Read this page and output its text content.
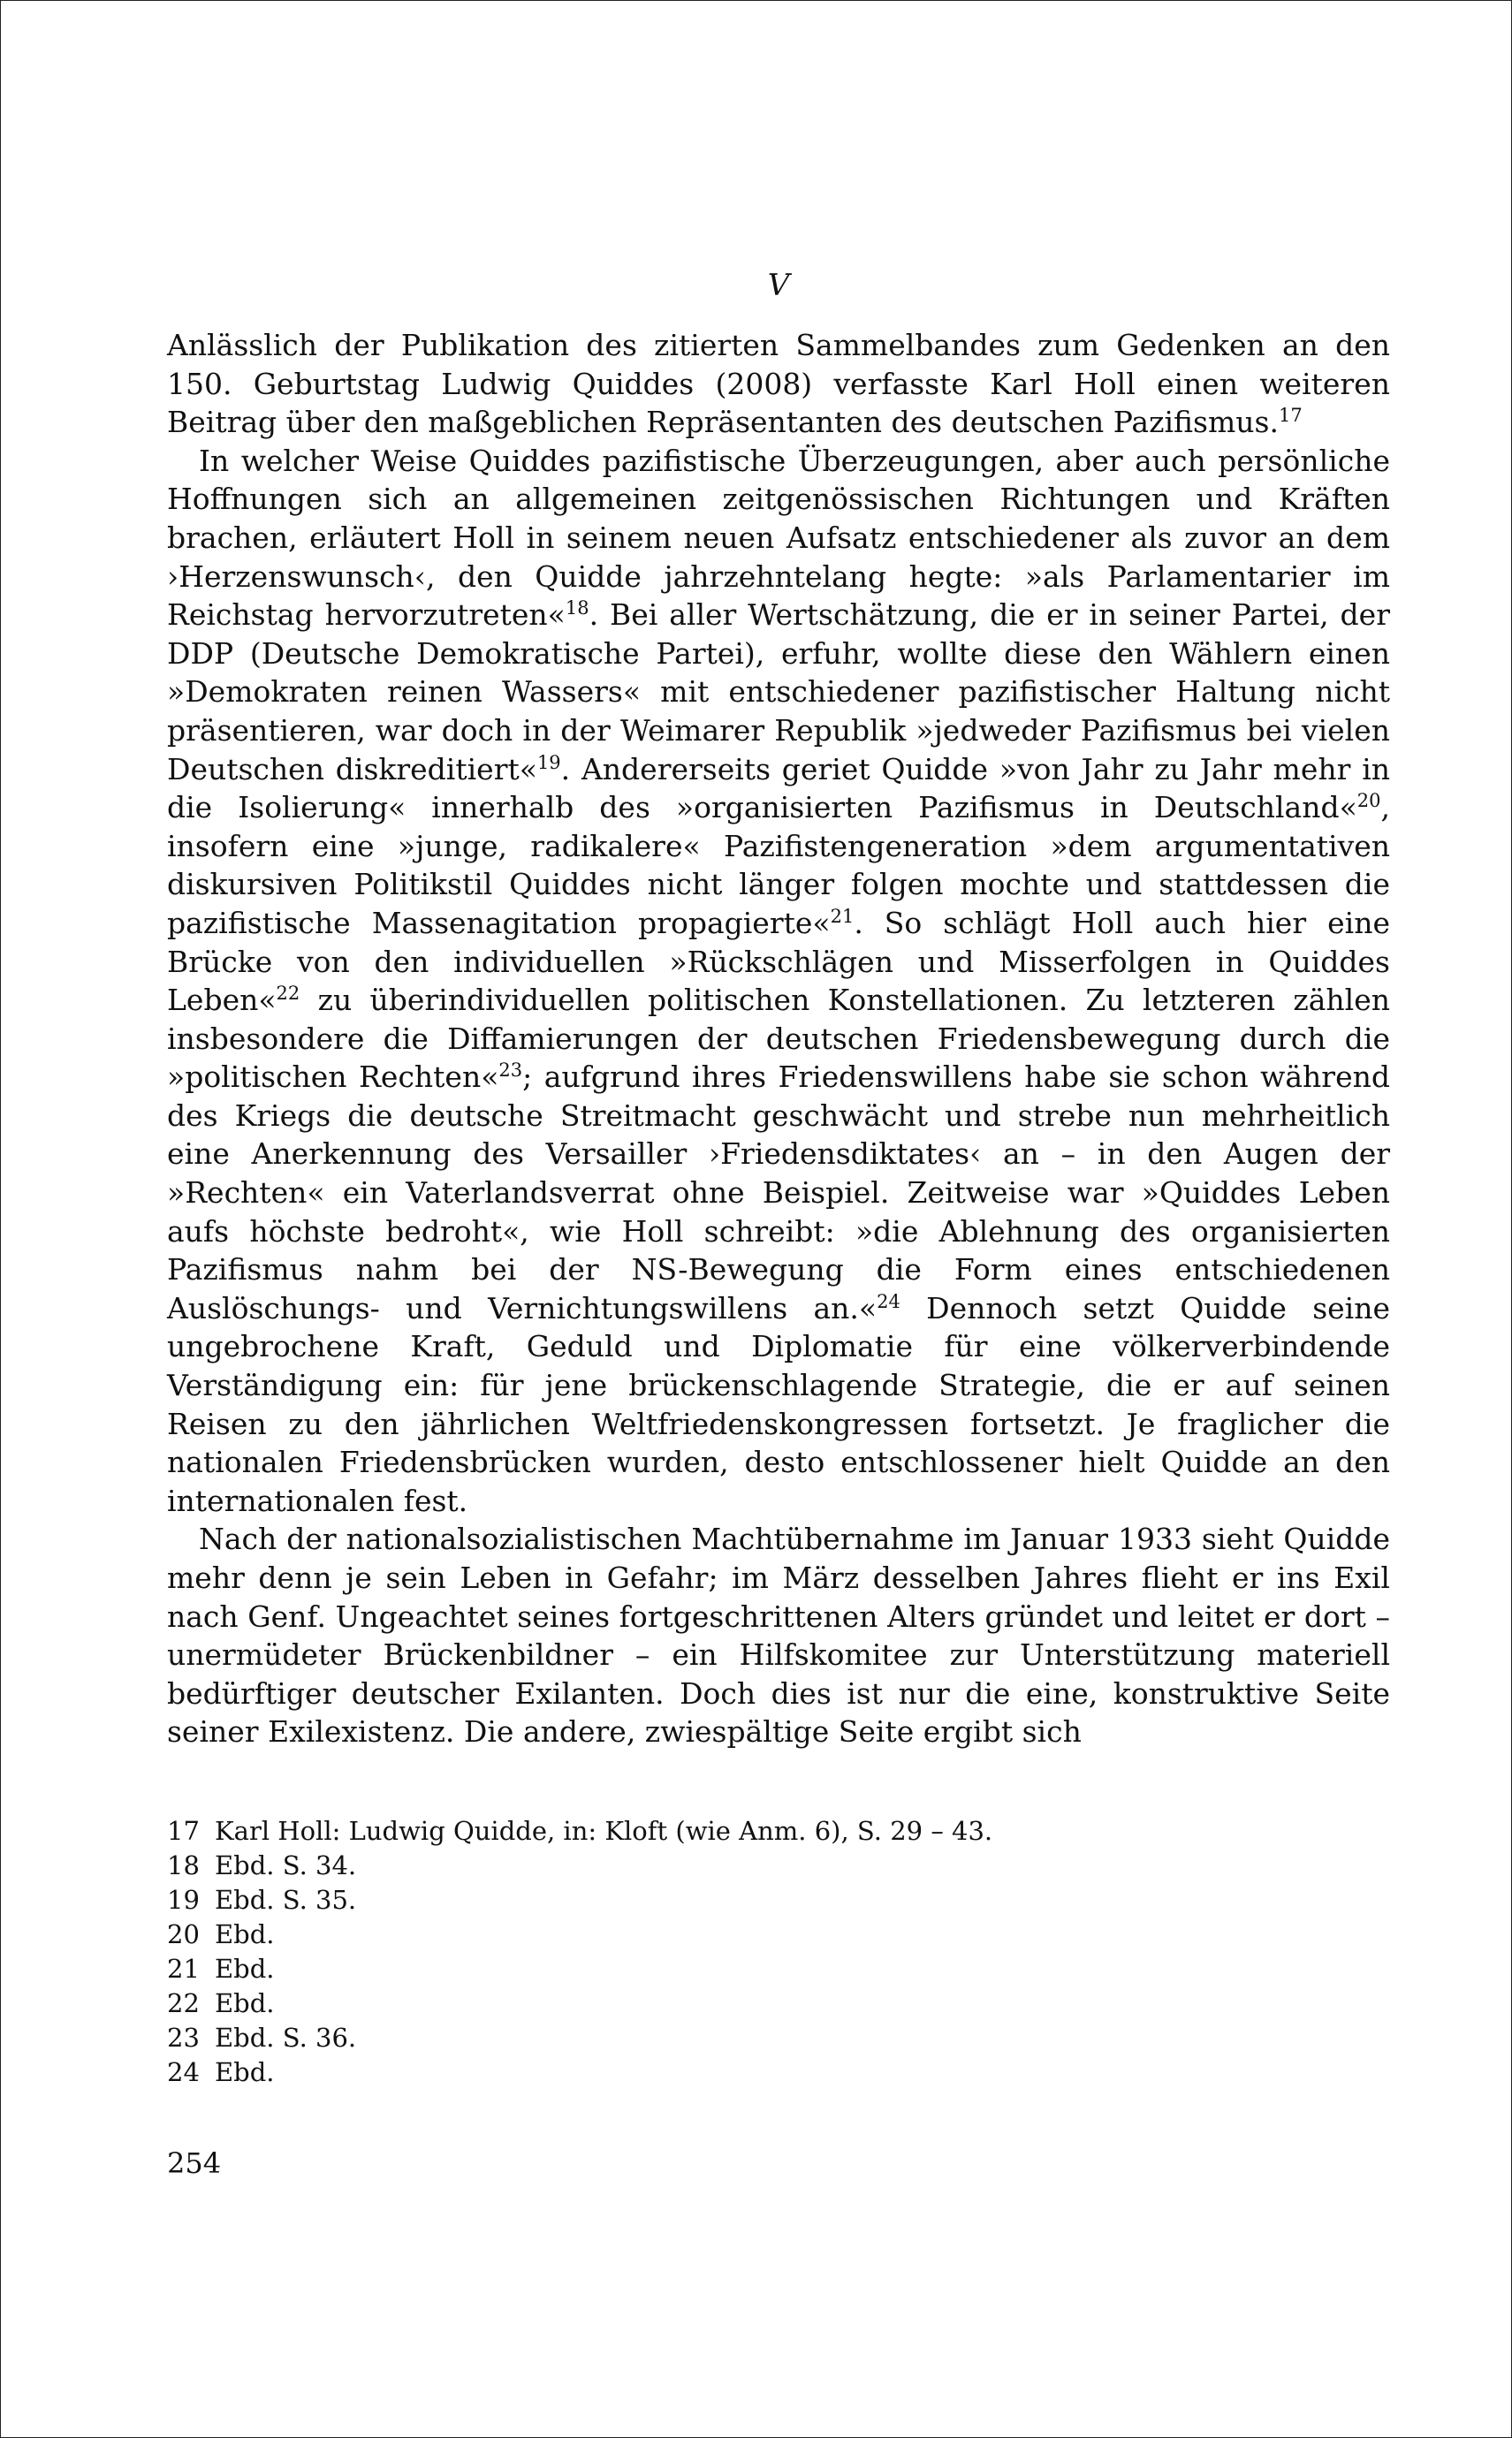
V

Anlässlich der Publikation des zitierten Sammelbandes zum Gedenken an den 150. Geburtstag Ludwig Quiddes (2008) verfasste Karl Holl einen weiteren Beitrag über den maßgeblichen Repräsentanten des deutschen Pazifismus.$^{17}$

In welcher Weise Quiddes pazifistische Überzeugungen, aber auch persönliche Hoffnungen sich an allgemeinen zeitgenössischen Richtungen und Kräften brachen, erläutert Holl in seinem neuen Aufsatz entschiedener als zuvor an dem ›Herzenswunsch‹, den Quidde jahrzehntelang hegte: »als Parlamentarier im Reichstag hervorzutreten«$^{18}$. Bei aller Wertschätzung, die er in seiner Partei, der DDP (Deutsche Demokratische Partei), erfuhr, wollte diese den Wählern einen »Demokraten reinen Wassers« mit entschiedener pazifistischer Haltung nicht präsentieren, war doch in der Weimarer Republik »jedweder Pazifismus bei vielen Deutschen diskreditiert«$^{19}$. Andererseits geriet Quidde »von Jahr zu Jahr mehr in die Isolierung« innerhalb des »organisierten Pazifismus in Deutschland«$^{20}$, insofern eine »junge, radikalere« Pazifistengeneration »dem argumentativen diskursiven Politikstil Quiddes nicht länger folgen mochte und stattdessen die pazifistische Massenagitation propagierte«$^{21}$. So schlägt Holl auch hier eine Brücke von den individuellen »Rückschlägen und Misserfolgen in Quiddes Leben«$^{22}$ zu überindividuellen politischen Konstellationen. Zu letzteren zählen insbesondere die Diffamierungen der deutschen Friedensbewegung durch die »politischen Rechten«$^{23}$; aufgrund ihres Friedenswillens habe sie schon während des Kriegs die deutsche Streitmacht geschwächt und strebe nun mehrheitlich eine Anerkennung des Versailler ›Friedensdiktates‹ an – in den Augen der »Rechten« ein Vaterlandsverrat ohne Beispiel. Zeitweise war »Quiddes Leben aufs höchste bedroht«, wie Holl schreibt: »die Ablehnung des organisierten Pazifismus nahm bei der NS-Bewegung die Form eines entschiedenen Auslöschungs- und Vernichtungswillens an.«$^{24}$ Dennoch setzt Quidde seine ungebrochene Kraft, Geduld und Diplomatie für eine völkerverbindende Verständigung ein: für jene brückenschlagende Strategie, die er auf seinen Reisen zu den jährlichen Weltfriedenskongressen fortsetzt. Je fraglicher die nationalen Friedensbrücken wurden, desto entschlossener hielt Quidde an den internationalen fest.

Nach der nationalsozialistischen Machtübernahme im Januar 1933 sieht Quidde mehr denn je sein Leben in Gefahr; im März desselben Jahres flieht er ins Exil nach Genf. Ungeachtet seines fortgeschrittenen Alters gründet und leitet er dort – unermüdeter Brückenbildner – ein Hilfskomitee zur Unterstützung materiell bedürftiger deutscher Exilanten. Doch dies ist nur die eine, konstruktive Seite seiner Exilexistenz. Die andere, zwiespältige Seite ergibt sich

17 Karl Holl: Ludwig Quidde, in: Kloft (wie Anm. 6), S. 29 – 43.
18 Ebd. S. 34.
19 Ebd. S. 35.
20 Ebd.
21 Ebd.
22 Ebd.
23 Ebd. S. 36.
24 Ebd.
254
